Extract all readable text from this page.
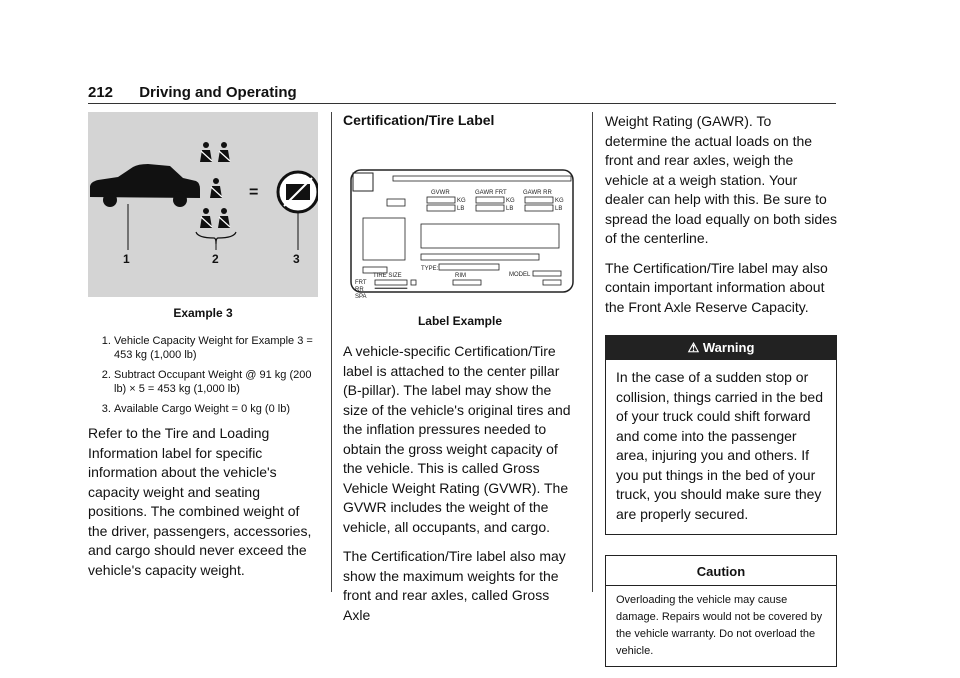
212 Driving and Operating
–	=
1	2	3
Example 3
1. Vehicle Capacity Weight for Example 3 = 453 kg (1,000 lb)
2. Subtract Occupant Weight @ 91 kg (200 lb) × 5 = 453 kg (1,000 lb)
3. Available Cargo Weight = 0 kg (0 lb)

Refer to the Tire and Loading Information label for specific information about the vehicle's capacity weight and seating positions. The combined weight of the driver, passengers, accessories, and cargo should never exceed the vehicle's capacity weight.

Certification/Tire Label
GVWR	GAWR FRT	GAWR RR
KG
LB
KG
LB
KG
LB
TYPE:
TIRE SIZE	RIM	MODEL
FRT
RR
SPA
Label Example

A vehicle-specific Certification/Tire label is attached to the center pillar (B-pillar). The label may show the size of the vehicle's original tires and the inflation pressures needed to obtain the gross weight capacity of the vehicle. This is called Gross Vehicle Weight Rating (GVWR). The GVWR includes the weight of the vehicle, all occupants, and cargo.

The Certification/Tire label also may show the maximum weights for the front and rear axles, called Gross Axle

Weight Rating (GAWR). To determine the actual loads on the front and rear axles, weigh the vehicle at a weigh station. Your dealer can help with this. Be sure to spread the load equally on both sides of the centerline.

The Certification/Tire label may also contain important information about the Front Axle Reserve Capacity.

⚠︎ Warning

In the case of a sudden stop or collision, things carried in the bed of your truck could shift forward and come into the passenger area, injuring you and others. If you put things in the bed of your truck, you should make sure they are properly secured.

Caution
Overloading the vehicle may cause damage. Repairs would not be covered by the vehicle warranty. Do not overload the vehicle.
